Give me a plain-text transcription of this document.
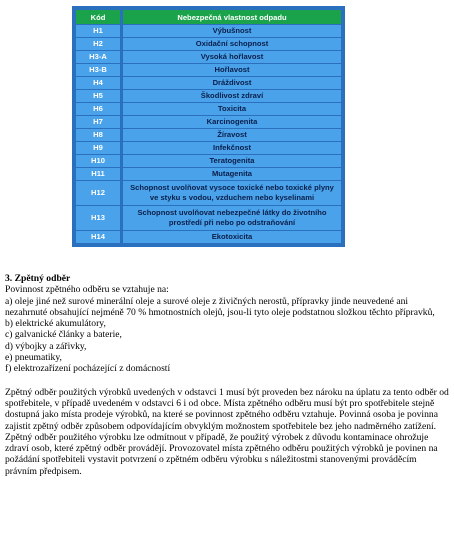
Kód	Nebezpečná vlastnost odpadu
H1	Výbušnost
H2	Oxidační schopnost
H3-A	Vysoká hořlavost
H3-B	Hořlavost
H4	Dráždivost
H5	Škodlivost zdraví
H6	Toxicita
H7	Karcinogenita
H8	Žíravost
H9	Infekčnost
H10	Teratogenita
H11	Mutagenita
H12	Schopnost uvolňovat vysoce toxické nebo toxické plyny ve styku s vodou, vzduchem nebo kyselinami
H13	Schopnost uvolňovat nebezpečné látky do životního prostředí při nebo po odstraňování
H14	Ekotoxicita
3. Zpětný odběr

Povinnost zpětného odběru se vztahuje na:

a) oleje jiné než surové minerální oleje a surové oleje z živičných nerostů, přípravky jinde neuvedené ani nezahrnuté obsahující nejméně 70 % hmotnostních olejů, jsou-li tyto oleje podstatnou složkou těchto přípravků,

b) elektrické akumulátory,

c) galvanické články a baterie,

d) výbojky a zářivky,

e) pneumatiky,

f) elektrozařízení pocházející z domácností

Zpětný odběr použitých výrobků uvedených v odstavci 1 musí být proveden bez nároku na úplatu za tento odběr od spotřebitele, v případě uvedeném v odstavci 6 i od obce. Místa zpětného odběru musí být pro spotřebitele stejně dostupná jako místa prodeje výrobků, na které se povinnost zpětného odběru vztahuje. Povinná osoba je povinna zajistit zpětný odběr způsobem odpovídajícím obvyklým možnostem spotřebitele bez jeho nadměrného zatížení. Zpětný odběr použitého výrobku lze odmítnout v případě, že použitý výrobek z důvodu kontaminace ohrožuje zdraví osob, které zpětný odběr provádějí. Provozovatel místa zpětného odběru použitých výrobků je povinen na požádání spotřebiteli vystavit potvrzení o zpětném odběru výrobku s náležitostmi stanovenými prováděcím právním předpisem.
